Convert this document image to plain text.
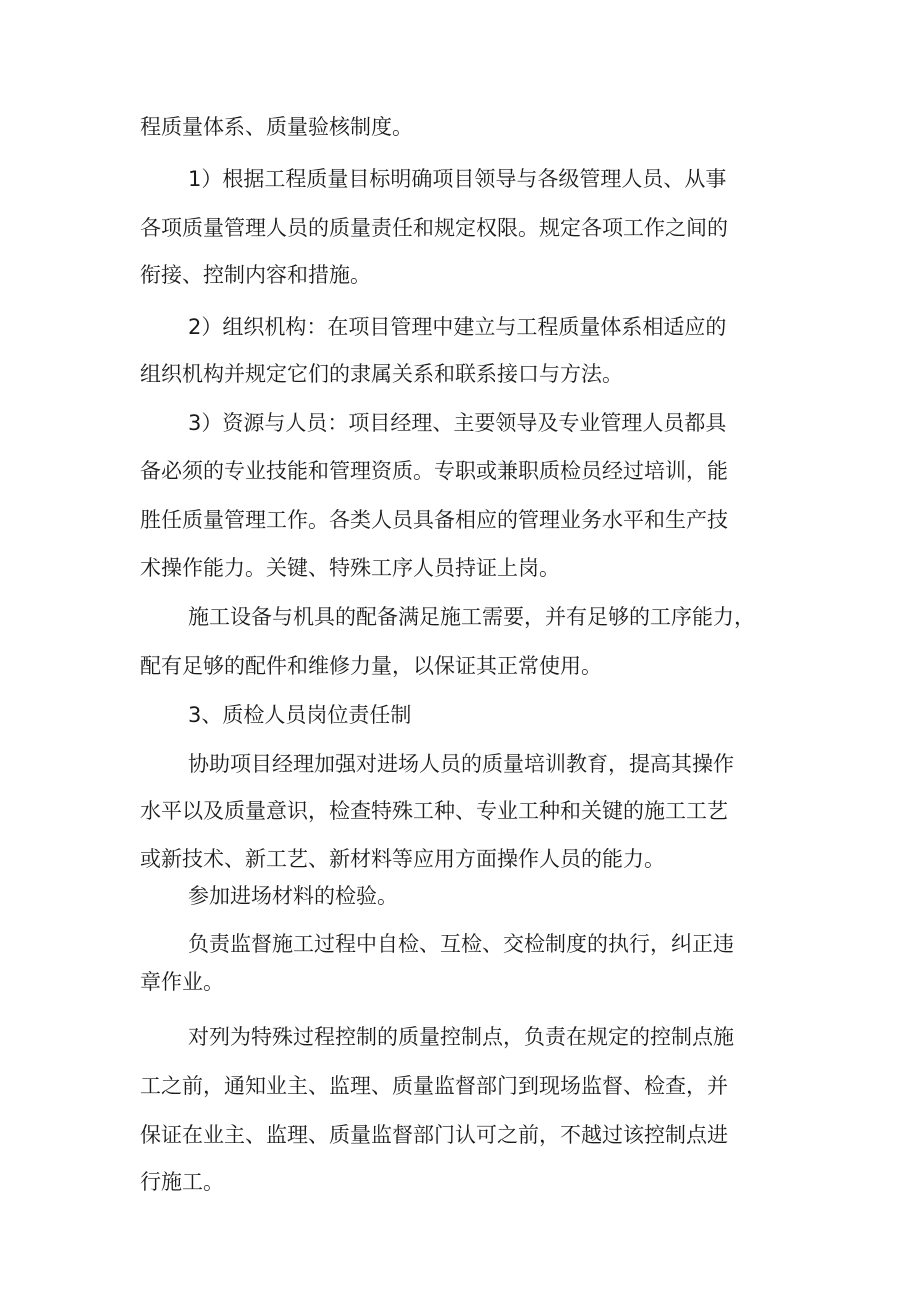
程质量体系、质量验核制度。

1）根据工程质量目标明确项目领导与各级管理人员、从事

各项质量管理人员的质量责任和规定权限。规定各项工作之间的

衔接、控制内容和措施。

2）组织机构：在项目管理中建立与工程质量体系相适应的

组织机构并规定它们的隶属关系和联系接口与方法。

3）资源与人员：项目经理、主要领导及专业管理人员都具

备必须的专业技能和管理资质。专职或兼职质检员经过培训，能

胜任质量管理工作。各类人员具备相应的管理业务水平和生产技

术操作能力。关键、特殊工序人员持证上岗。

施工设备与机具的配备满足施工需要，并有足够的工序能力，

配有足够的配件和维修力量，以保证其正常使用。

3、质检人员岗位责任制

协助项目经理加强对进场人员的质量培训教育，提高其操作

水平以及质量意识，检查特殊工种、专业工种和关键的施工工艺

或新技术、新工艺、新材料等应用方面操作人员的能力。

参加进场材料的检验。

负责监督施工过程中自检、互检、交检制度的执行，纠正违

章作业。

对列为特殊过程控制的质量控制点，负责在规定的控制点施

工之前，通知业主、监理、质量监督部门到现场监督、检查，并

保证在业主、监理、质量监督部门认可之前，不越过该控制点进

行施工。
